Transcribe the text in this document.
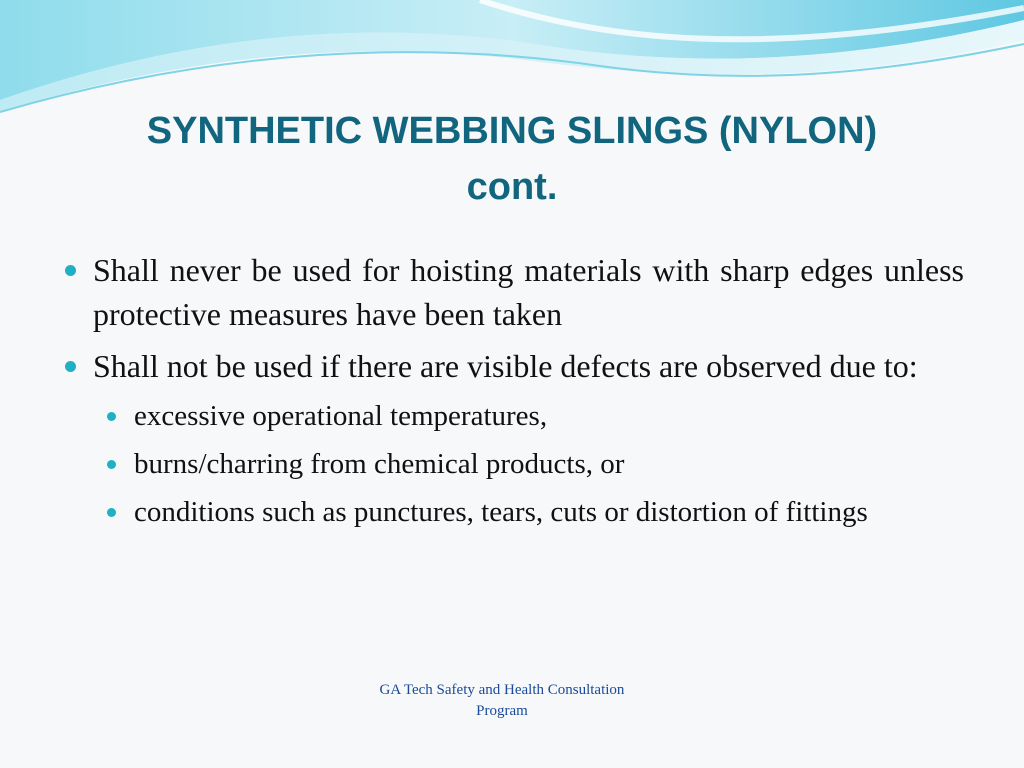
SYNTHETIC WEBBING SLINGS (NYLON)
cont.
Shall never be used for hoisting materials with sharp edges unless protective measures have been taken
Shall not be used if there are visible defects are observed due to:
excessive operational temperatures,
burns/charring from chemical products, or
conditions such as punctures, tears, cuts or distortion of fittings
GA Tech Safety and Health Consultation
Program
